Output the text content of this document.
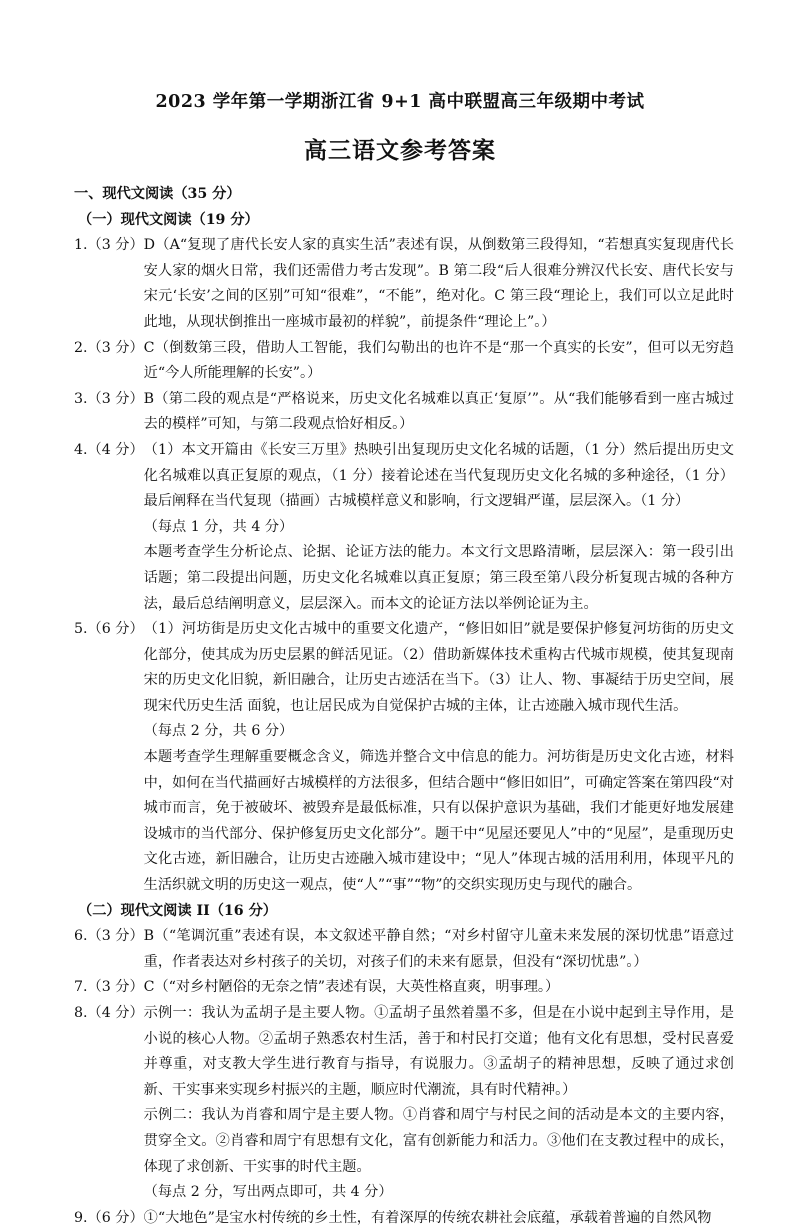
2023 学年第一学期浙江省 9+1 高中联盟高三年级期中考试
高三语文参考答案

一、现代文阅读（35 分）

（一）现代文阅读（19 分）

1.（3 分） D（A“复现了唐代长安人家的真实生活”表述有误，从倒数第三段得知，“若想真实复现唐代长安人家的烟火日常，我们还需借力考古发现”。B 第二段“后人很难分辨汉代长安、唐代长安与宋元‘长安’之间的区别”可知“很难”，“不能”，绝对化。C 第三段“理论上，我们可以立足此时此地，从现状倒推出一座城市最初的样貌”，前提条件“理论上”。）
2.（3 分） C（倒数第三段，借助人工智能，我们勾勒出的也许不是“那一个真实的长安”，但可以无穷趋近“今人所能理解的长安”。）
3.（3 分） B（第二段的观点是“严格说来，历史文化名城难以真正‘复原’”。从“我们能够看到一座古城过去的模样”可知，与第二段观点恰好相反。）
4.（4 分） （1）本文开篇由《长安三万里》热映引出复现历史文化名城的话题，（1 分）然后提出历史文化名城难以真正复原的观点，（1 分）接着论述在当代复现历史文化名城的多种途径，（1 分）最后阐释在当代复现（描画）古城模样意义和影响，行文逻辑严谨，层层深入。（1 分）

（每点 1 分，共 4 分）

本题考查学生分析论点、论据、论证方法的能力。本文行文思路清晰，层层深入：第一段引出话题；第二段提出问题，历史文化名城难以真正复原；第三段至第八段分析复现古城的各种方法，最后总结阐明意义，层层深入。而本文的论证方法以举例论证为主。

5.（6 分） （1）河坊街是历史文化古城中的重要文化遗产，“修旧如旧”就是要保护修复河坊街的历史文化部分，使其成为历史层累的鲜活见证。（2）借助新媒体技术重构古代城市规模，使其复现南宋的历史文化旧貌，新旧融合，让历史古迹活在当下。（3）让人、物、事凝结于历史空间，展现宋代历史生活 面貌，也让居民成为自觉保护古城的主体，让古迹融入城市现代生活。

（每点 2 分，共 6 分）

本题考查学生理解重要概念含义，筛选并整合文中信息的能力。河坊街是历史文化古迹，材料中，如何在当代描画好古城模样的方法很多，但结合题中“修旧如旧”，可确定答案在第四段“对城市而言，免于被破坏、被毁弃是最低标准，只有以保护意识为基础，我们才能更好地发展建设城市的当代部分、保护修复历史文化部分”。题干中“见屋还要见人”中的“见屋”，是重现历史文化古迹，新旧融合，让历史古迹融入城市建设中；“见人”体现古城的活用利用，体现平凡的生活织就文明的历史这一观点，使“人”“事”“物”的交织实现历史与现代的融合。

（二）现代文阅读 II（16 分）

6.（3 分） B（“笔调沉重”表述有误，本文叙述平静自然；“对乡村留守儿童未来发展的深切忧患”语意过重，作者表达对乡村孩子的关切，对孩子们的未来有愿景，但没有“深切忧患”。）
7.（3 分） C（“对乡村陋俗的无奈之情”表述有误，大英性格直爽，明事理。）
8.（4 分） 示例一：我认为孟胡子是主要人物。①孟胡子虽然着墨不多，但是在小说中起到主导作用，是小说的核心人物。②孟胡子熟悉农村生活，善于和村民打交道；他有文化有思想，受村民喜爱并尊重，对支教大学生进行教育与指导，有说服力。③孟胡子的精神思想，反映了通过求创新、干实事来实现乡村振兴的主题，顺应时代潮流，具有时代精神。）

示例二：我认为肖睿和周宁是主要人物。①肖睿和周宁与村民之间的活动是本文的主要内容，贯穿全文。②肖睿和周宁有思想有文化，富有创新能力和活力。③他们在支教过程中的成长，体现了求创新、干实事的时代主题。

（每点 2 分，写出两点即可，共 4 分）

9.（6 分） ①“大地色”是宝水村传统的乡土性，有着深厚的传统农耕社会底蕴，承载着普遍的自然风物
